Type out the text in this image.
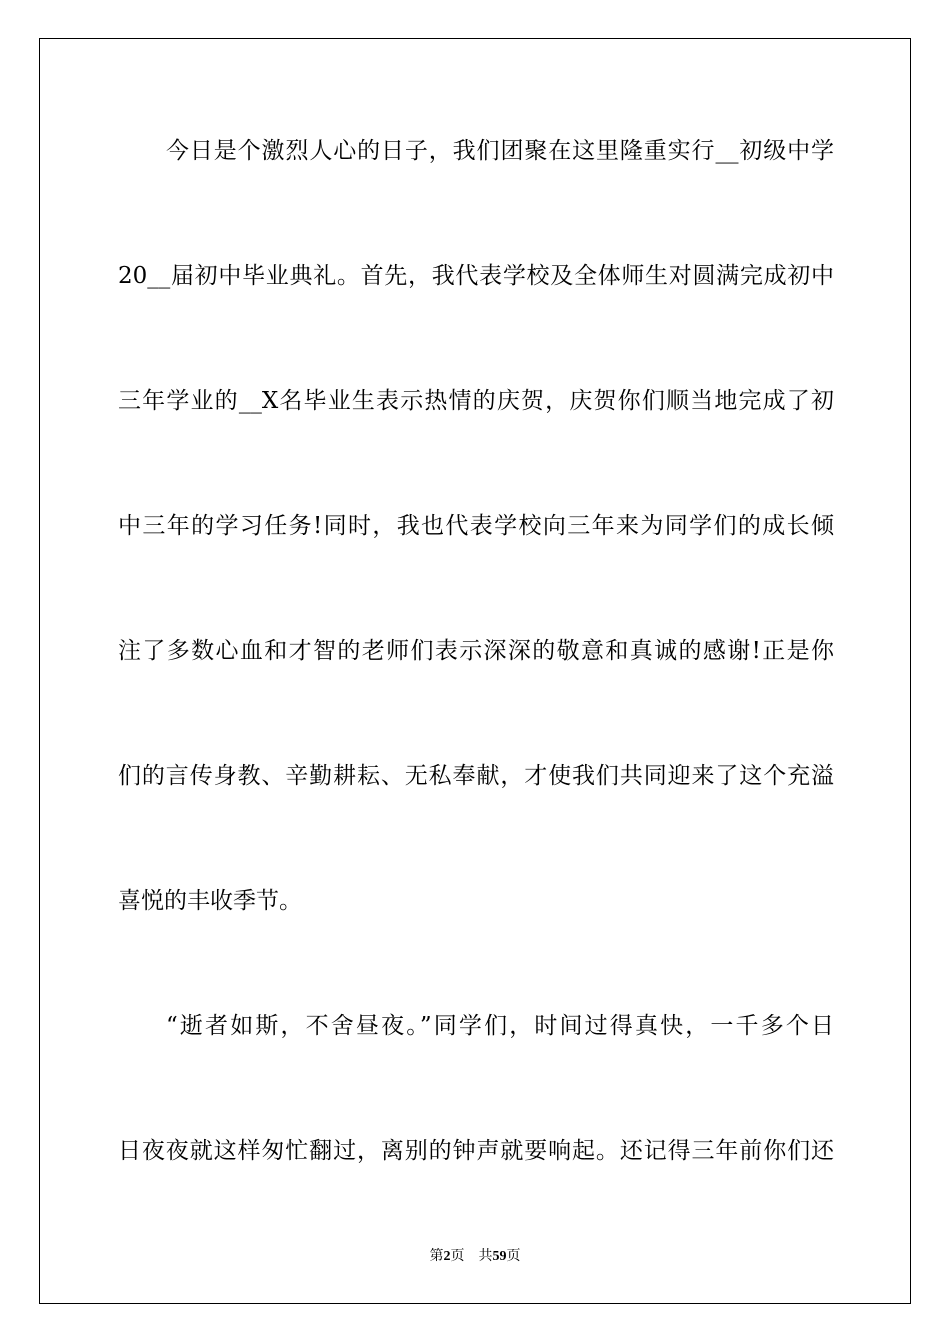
今日是个激烈人心的日子，我们团聚在这里隆重实行__初级中学
20__届初中毕业典礼。首先，我代表学校及全体师生对圆满完成初中
三年学业的__X名毕业生表示热情的庆贺，庆贺你们顺当地完成了初
中三年的学习任务!同时，我也代表学校向三年来为同学们的成长倾
注了多数心血和才智的老师们表示深深的敬意和真诚的感谢!正是你
们的言传身教、辛勤耕耘、无私奉献，才使我们共同迎来了这个充溢
喜悦的丰收季节。
“逝者如斯，不舍昼夜。”同学们，时间过得真快，一千多个日
日夜夜就这样匆忙翻过，离别的钟声就要响起。还记得三年前你们还
第2页 共59页
